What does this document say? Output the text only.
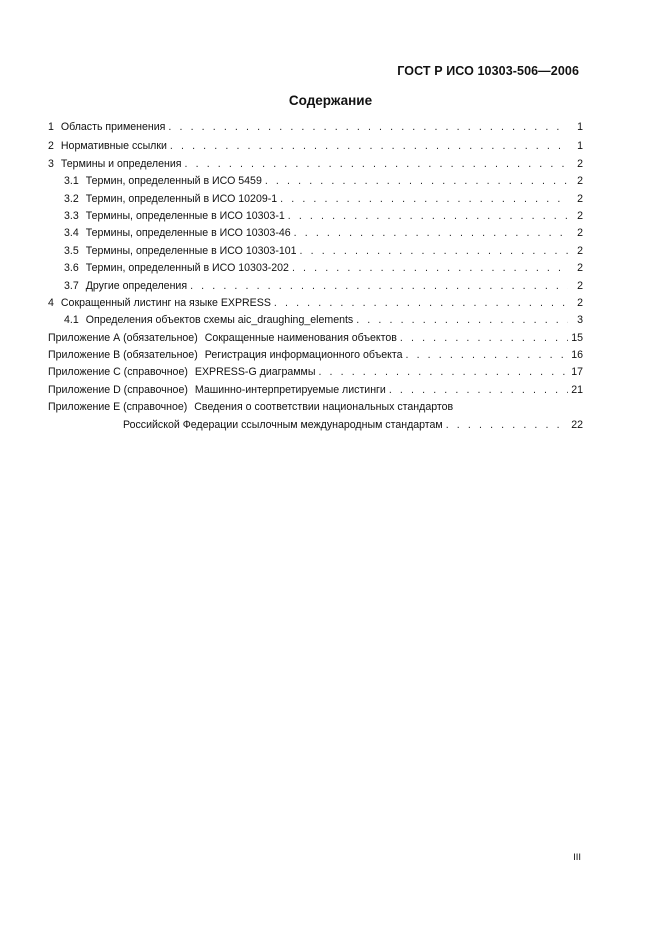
ГОСТ Р ИСО 10303-506—2006
Содержание
1 Область применения . . .	1
2 Нормативные ссылки . . .	1
3 Термины и определения . . .	2
3.1 Термин, определенный в ИСО 5459 . . .	2
3.2 Термин, определенный в ИСО 10209-1 . . .	2
3.3 Термины, определенные в ИСО 10303-1 . . .	2
3.4 Термины, определенные в ИСО 10303-46 . . .	2
3.5 Термины, определенные в ИСО 10303-101 . . .	2
3.6 Термин, определенный в ИСО 10303-202 . . .	2
3.7 Другие определения . . .	2
4 Сокращенный листинг на языке EXPRESS . . .	2
4.1 Определения объектов схемы aic_draughing_elements . . .	3
Приложение А (обязательное) Сокращенные наименования объектов . . .	15
Приложение В (обязательное) Регистрация информационного объекта . . .	16
Приложение С (справочное) EXPRESS-G диаграммы . . .	17
Приложение D (справочное) Машинно-интерпретируемые листинги . . .	21
Приложение Е (справочное) Сведения о соответствии национальных стандартов
Российской Федерации ссылочным международным стандартам . . .	22
III
